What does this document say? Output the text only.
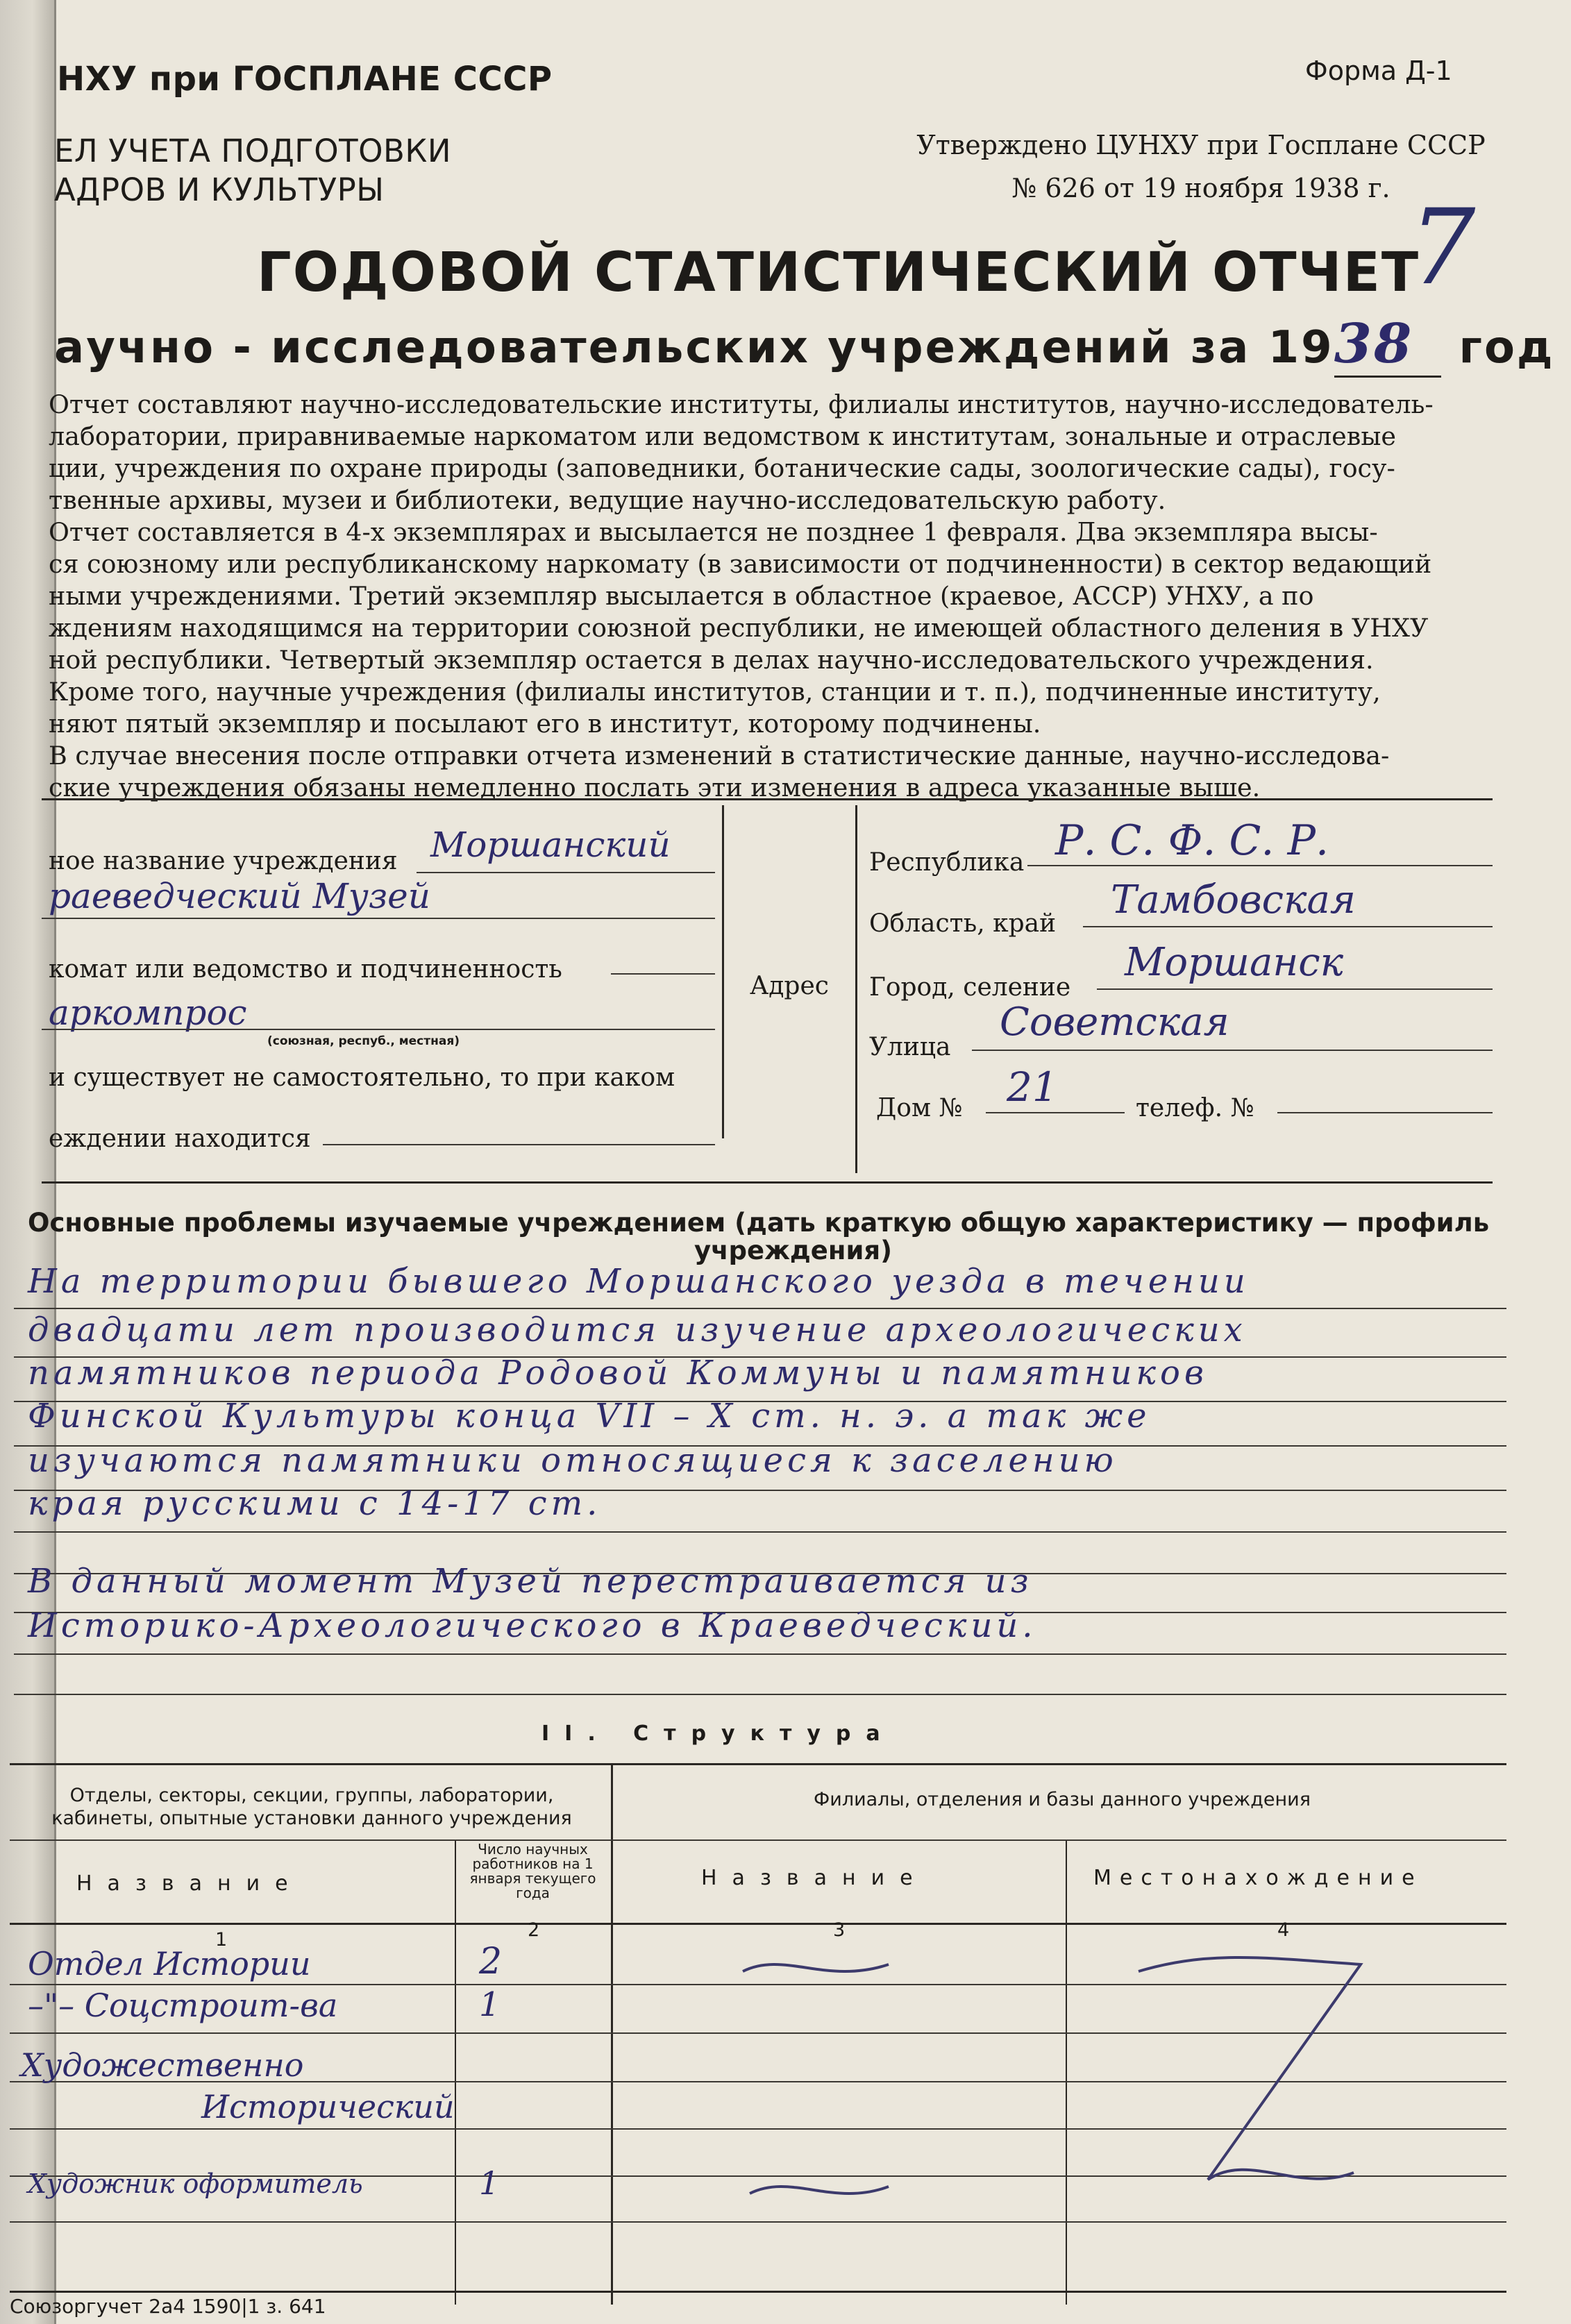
НХУ при ГОСПЛАНЕ СССР
ЕЛ УЧЕТА ПОДГОТОВКИ
АДРОВ И КУЛЬТУРЫ
Форма Д-1
Утверждено ЦУНХУ при Госплане СССР
№ 626 от 19 ноября 1938 г. 7
ГОДОВОЙ СТАТИСТИЧЕСКИЙ ОТЧЕТ
аучно - исследовательских учреждений за 1938 год
Отчет составляют научно-исследовательские институты, филиалы институтов, научно-исследователь-
лаборатории, приравниваемые наркоматом или ведомством к институтам, зональные и отраслевые
ции, учреждения по охране природы (заповедники, ботанические сады, зоологические сады), госу-
твенные архивы, музеи и библиотеки, ведущие научно-исследовательскую работу.
Отчет составляется в 4-х экземплярах и высылается не позднее 1 февраля. Два экземпляра высы-
ся союзному или республиканскому наркомату (в зависимости от подчиненности) в сектор ведающий
ными учреждениями. Третий экземпляр высылается в областное (краевое, АССР) УНХУ, а по
ждениям находящимся на территории союзной республики, не имеющей областного деления в УНХУ
ной республики. Четвертый экземпляр остается в делах научно-исследовательского учреждения.
Кроме того, научные учреждения (филиалы институтов, станции и т. п.), подчиненные институту,
няют пятый экземпляр и посылают его в институт, которому подчинены.
В случае внесения после отправки отчета изменений в статистические данные, научно-исследова-
ские учреждения обязаны немедленно послать эти изменения в адреса указанные выше.
ное название учреждения Моршанский
раеведческий Музей
комат или ведомство и подчиненность
аркомпрос
(союзная, респуб., местная)
и существует не самостоятельно, то при каком
еждении находится
Адрес
Республика Р. С. Ф. С. Р.
Область, край
Тамбовская
Город, селение
Моршанск
Улица
Советская
Дом № 21	телеф. №
Основные проблемы изучаемые учреждением (дать краткую общую характеристику — профиль
учреждения)
На территории бывшего Моршанского уезда в течении
двадцати лет производится изучение археологических
памятников периода Родовой Коммуны и памятников
Финской Культуры конца VII – X ст. н. э. а так же
изучаются памятники относящиеся к заселению
края русскими с 14-17 ст.
В данный момент Музей перестраивается из
Историко-Археологического в Краеведческий.
II. Структура
Отделы, секторы, секции, группы, лаборатории, кабинеты, опытные установки данного учреждения
Филиалы, отделения и базы данного учреждения
Название
Число научных работников на 1 января текущего года
Название	Местонахождение
1	2	3	4
Отдел Истории	2
–"– Соцстроит-ва	1
Художественно
Исторический
Художник оформитель	1
Союзоргучет 2а4 1590|1 з. 641
